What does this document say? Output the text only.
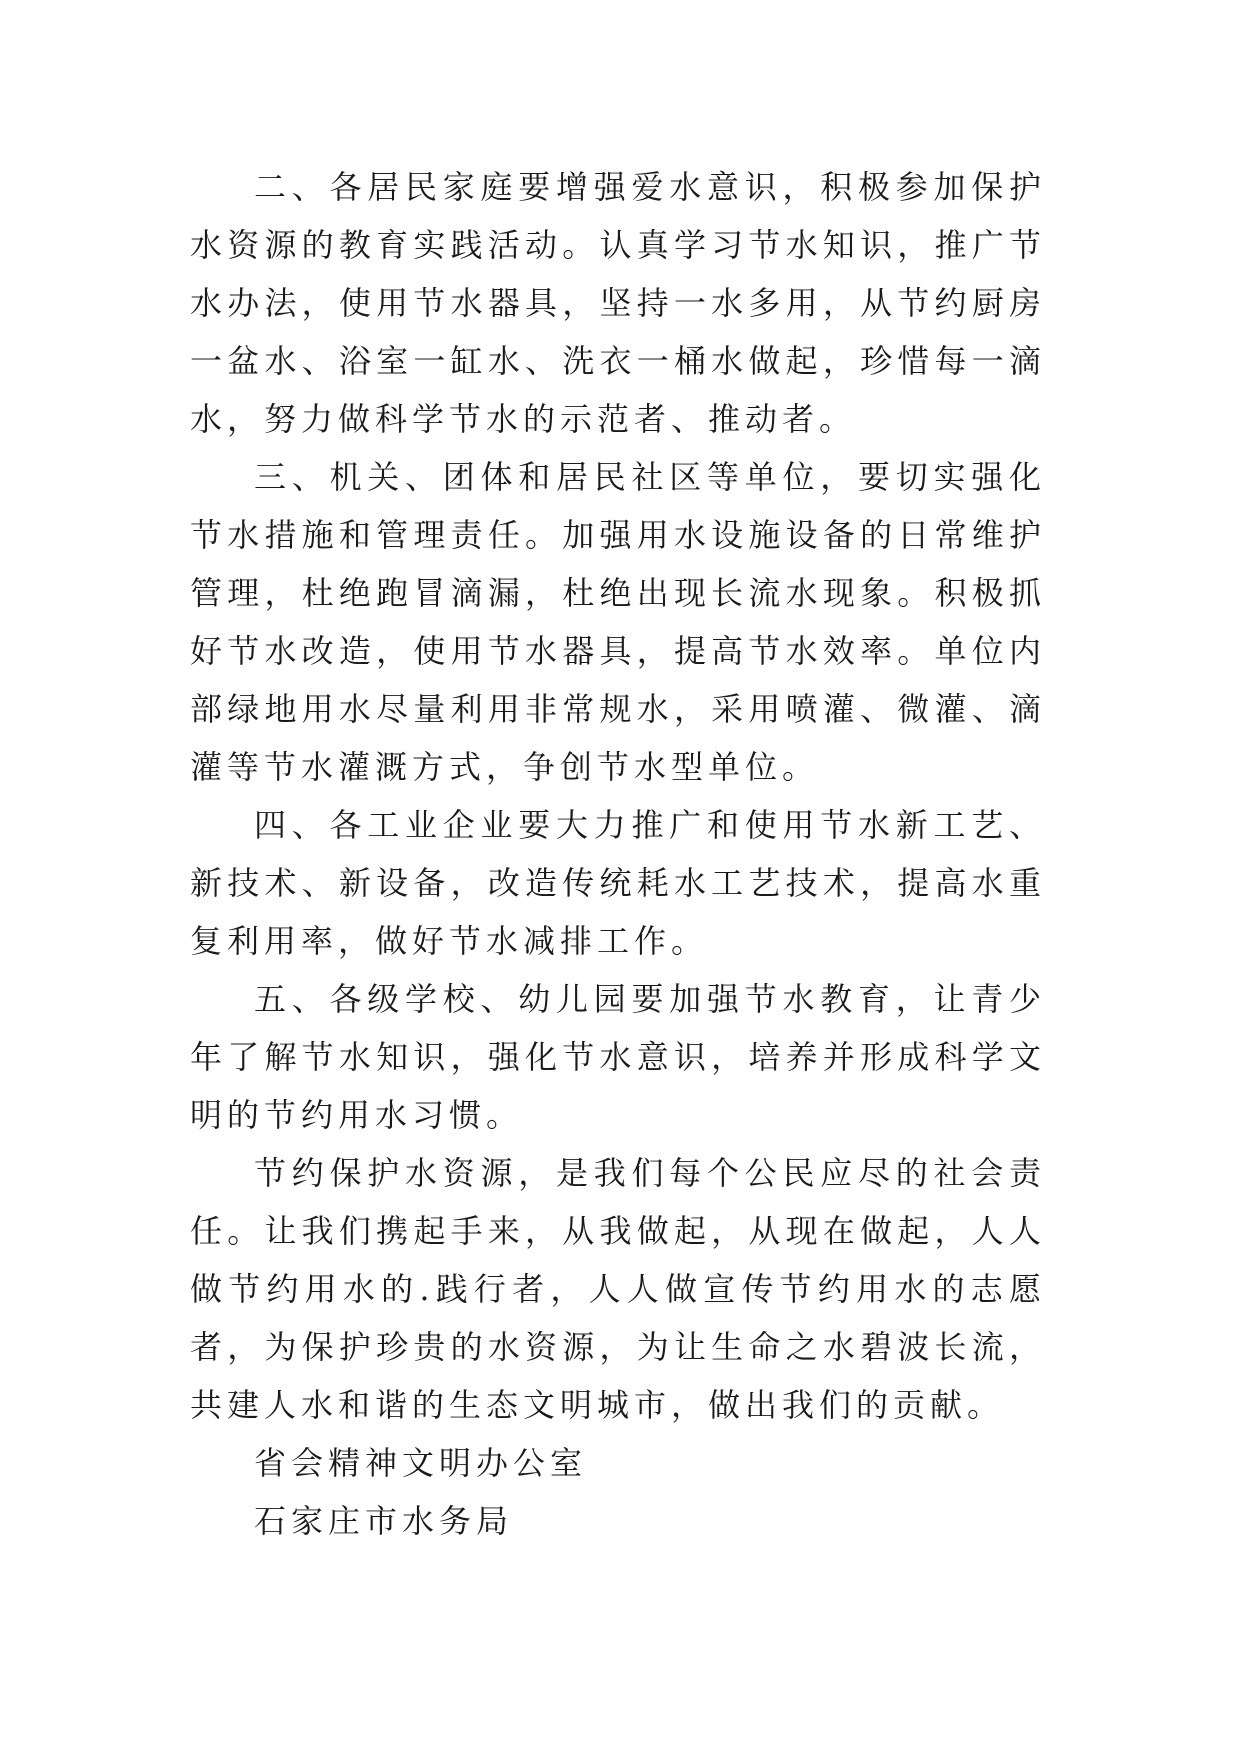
二、各居民家庭要增强爱水意识，积极参加保护水资源的教育实践活动。认真学习节水知识，推广节水办法，使用节水器具，坚持一水多用，从节约厨房一盆水、浴室一缸水、洗衣一桶水做起，珍惜每一滴水，努力做科学节水的示范者、推动者。

三、机关、团体和居民社区等单位，要切实强化节水措施和管理责任。加强用水设施设备的日常维护管理，杜绝跑冒滴漏，杜绝出现长流水现象。积极抓好节水改造，使用节水器具，提高节水效率。单位内部绿地用水尽量利用非常规水，采用喷灌、微灌、滴灌等节水灌溉方式，争创节水型单位。

四、各工业企业要大力推广和使用节水新工艺、新技术、新设备，改造传统耗水工艺技术，提高水重复利用率，做好节水减排工作。

五、各级学校、幼儿园要加强节水教育，让青少年了解节水知识，强化节水意识，培养并形成科学文明的节约用水习惯。

节约保护水资源，是我们每个公民应尽的社会责任。让我们携起手来，从我做起，从现在做起，人人做节约用水的.践行者，人人做宣传节约用水的志愿者，为保护珍贵的水资源，为让生命之水碧波长流，共建人水和谐的生态文明城市，做出我们的贡献。

省会精神文明办公室

石家庄市水务局
